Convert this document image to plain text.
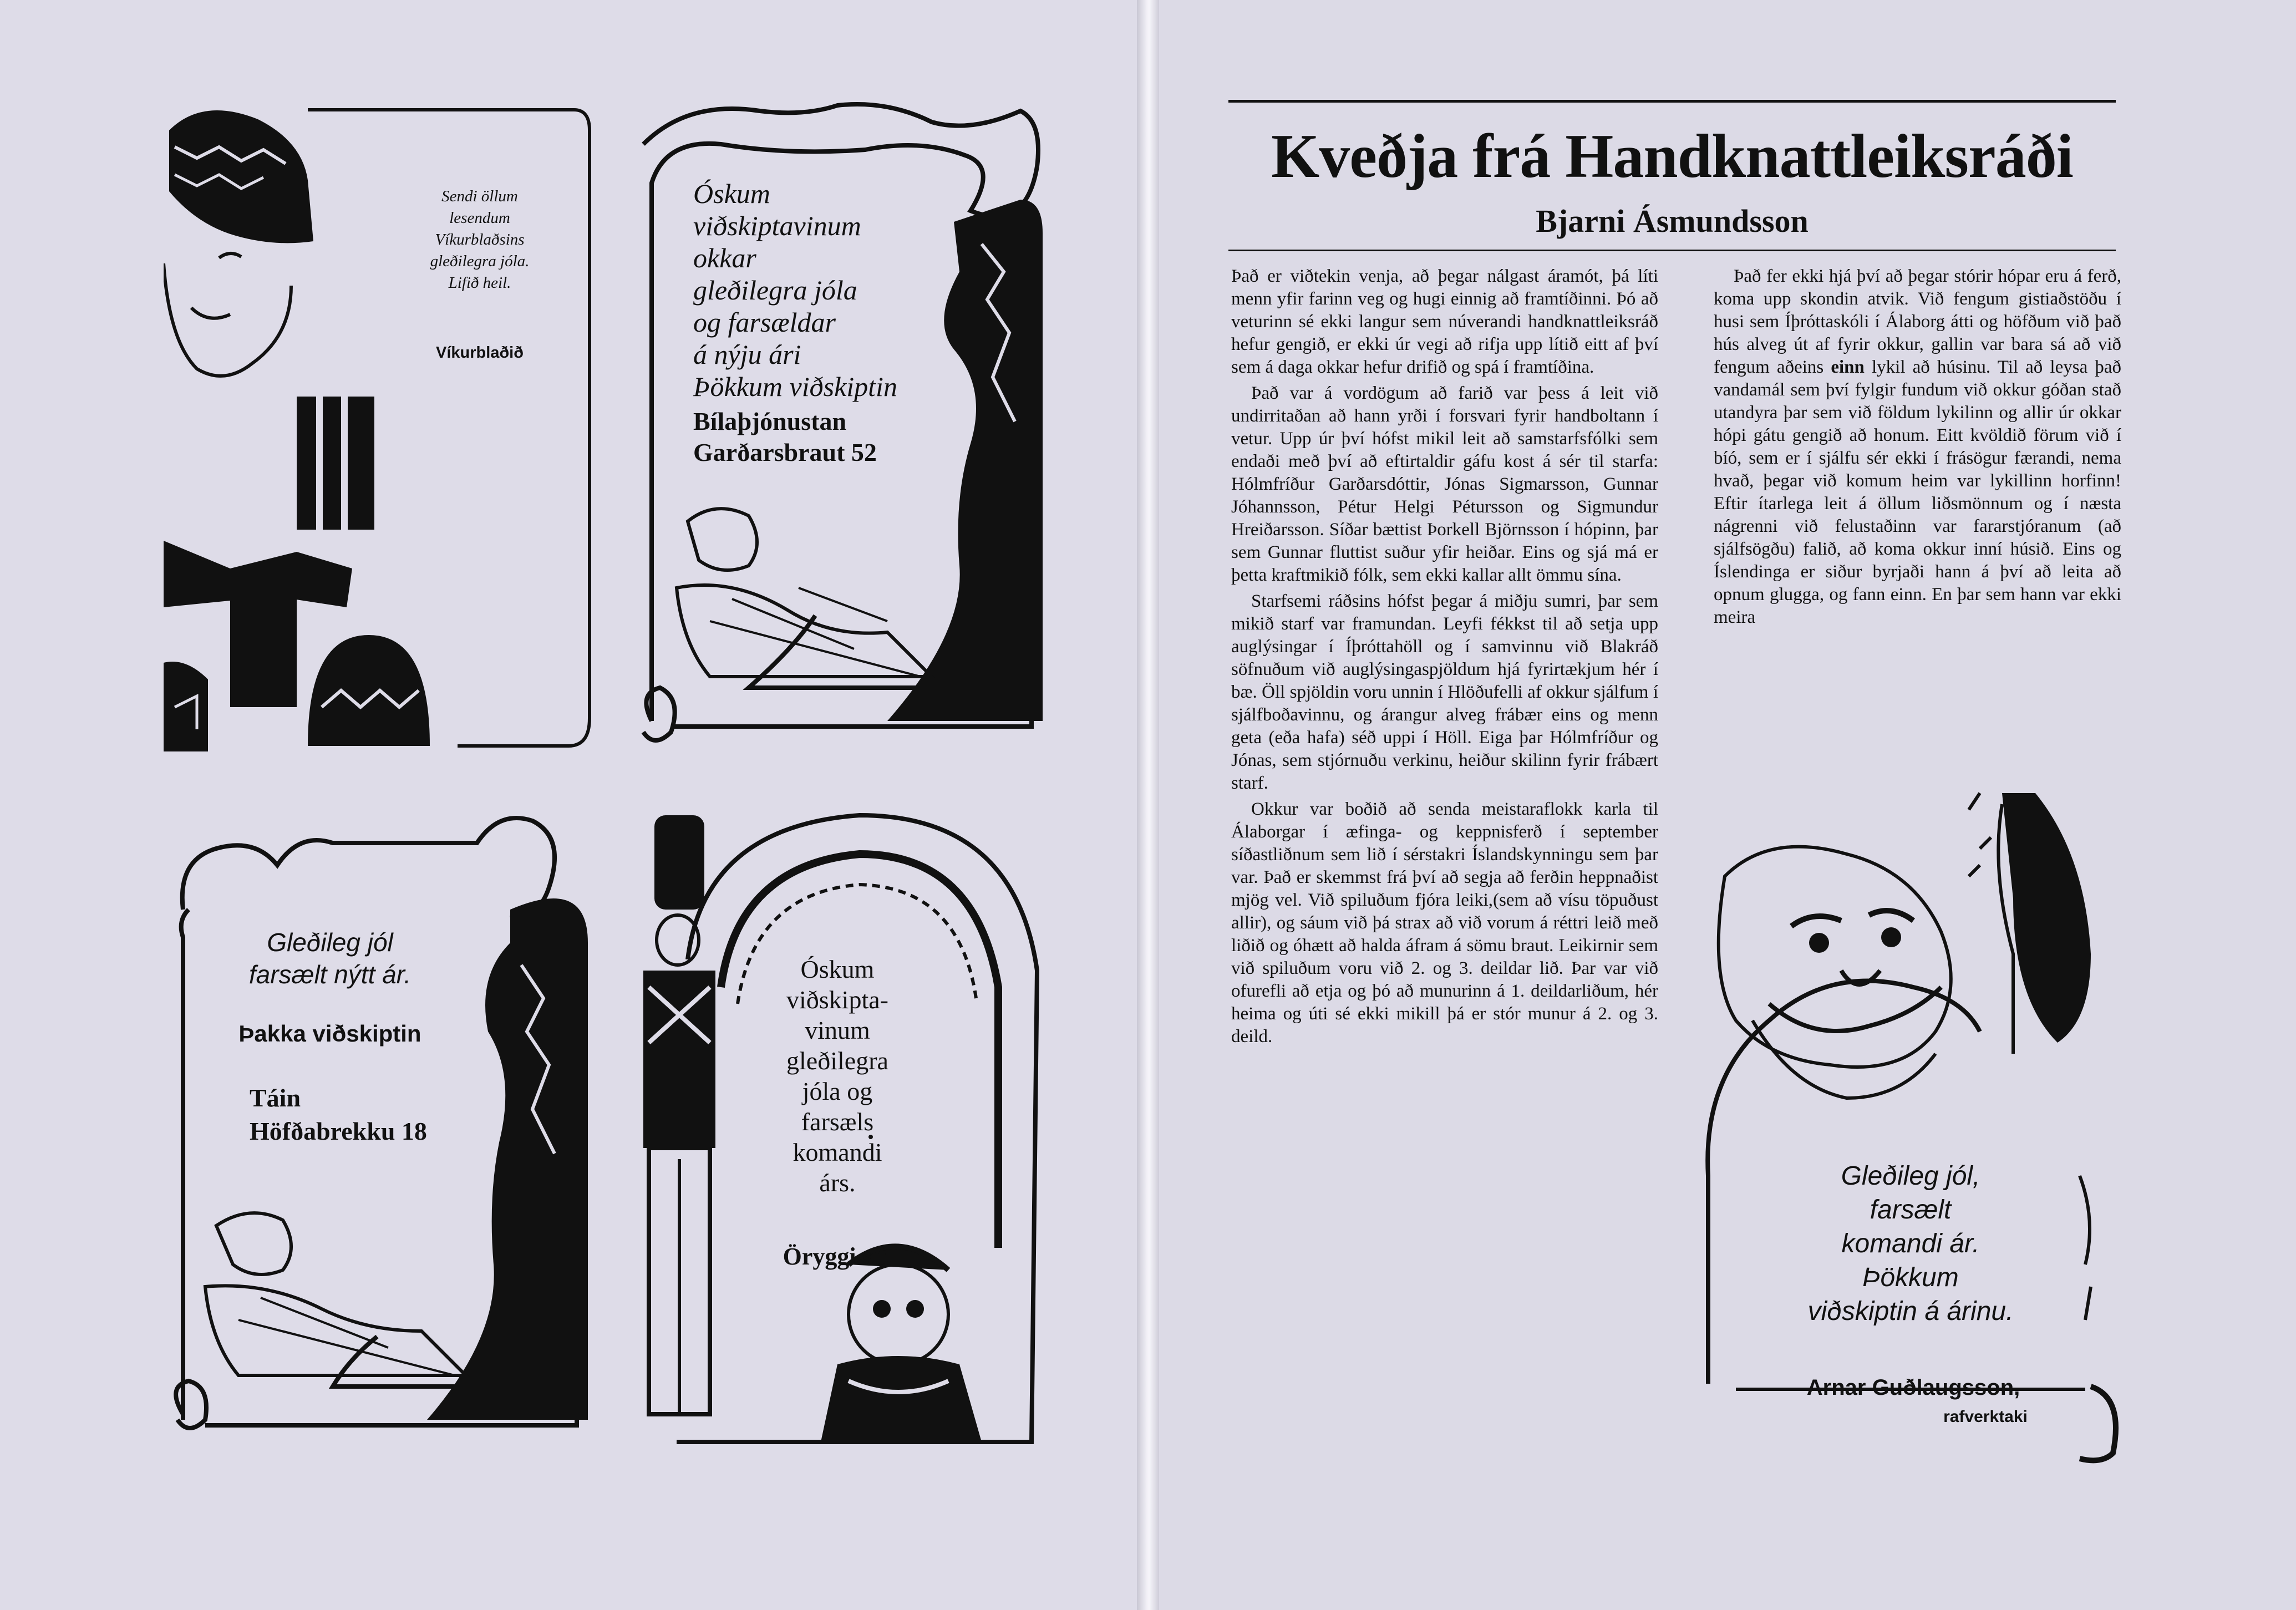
Sendi öllum
lesendum
Víkurblaðsins
gleðilegra jóla.
Lifið heil.
Víkurblaðið
Óskum
viðskiptavinum
okkar
gleðilegra jóla
og farsældar
á nýju ári
Þökkum viðskiptin
Bílaþjónustan
Garðarsbraut 52
Gleðileg jól
farsælt nýtt ár.
Þakka viðskiptin
Táin
Höfðabrekku 18
Óskum
viðskipta-
vinum
gleðilegra
jóla og
farsæls
komandi
árs.
Öryggi s.f.
Kveðja frá Handknattleiksráði
Bjarni Ásmundsson

Það er viðtekin venja, að þegar nálgast áramót, þá líti menn yfir farinn veg og hugi einnig að framtíðinni. Þó að veturinn sé ekki langur sem núverandi handknattleiksráð hefur gengið, er ekki úr vegi að rifja upp lítið eitt af því sem á daga okkar hefur drifið og spá í framtíðina.

Það var á vordögum að farið var þess á leit við undirritaðan að hann yrði í forsvari fyrir handboltann í vetur. Upp úr því hófst mikil leit að samstarfsfólki sem endaði með því að eftirtaldir gáfu kost á sér til starfa: Hólmfríður Garðarsdóttir, Jónas Sigmarsson, Gunnar Jóhannsson, Pétur Helgi Pétursson og Sigmundur Hreiðarsson. Síðar bættist Þorkell Björnsson í hópinn, þar sem Gunnar fluttist suður yfir heiðar. Eins og sjá má er þetta kraftmikið fólk, sem ekki kallar allt ömmu sína.

Starfsemi ráðsins hófst þegar á miðju sumri, þar sem mikið starf var framundan. Leyfi fékkst til að setja upp auglýsingar í Íþróttahöll og í samvinnu við Blakráð söfnuðum við auglýsingaspjöldum hjá fyrirtækjum hér í bæ. Öll spjöldin voru unnin í Hlöðufelli af okkur sjálfum í sjálfboðavinnu, og árangur alveg frábær eins og menn geta (eða hafa) séð uppi í Höll. Eiga þar Hólmfríður og Jónas, sem stjórnuðu verkinu, heiður skilinn fyrir frábært starf.

Okkur var boðið að senda meistaraflokk karla til Álaborgar í æfinga- og keppnisferð í september síðastliðnum sem lið í sérstakri Íslandskynningu sem þar var. Það er skemmst frá því að segja að ferðin heppnaðist mjög vel. Við spiluðum fjóra leiki,(sem að vísu töpuðust allir), og sáum við þá strax að við vorum á réttri leið með liðið og óhætt að halda áfram á sömu braut. Leikirnir sem við spiluðum voru við 2. og 3. deildar lið. Þar var við ofurefli að etja og þó að munurinn á 1. deildarliðum, hér heima og úti sé ekki mikill þá er stór munur á 2. og 3. deild.

Það fer ekki hjá því að þegar stórir hópar eru á ferð, koma upp skondin atvik. Við fengum gistiaðstöðu í husi sem Íþróttaskóli í Álaborg átti og höfðum við það hús alveg út af fyrir okkur, gallin var bara sá að við fengum aðeins einn lykil að húsinu. Til að leysa það vandamál sem því fylgir fundum við okkur góðan stað utandyra þar sem við földum lykilinn og allir úr okkar hópi gátu gengið að honum. Eitt kvöldið förum við í bíó, sem er í sjálfu sér ekki í frásögur færandi, nema hvað, þegar við komum heim var lykillinn horfinn! Eftir ítarlega leit á öllum liðsmönnum og í næsta nágrenni við felustaðinn var fararstjóranum (að sjálfsögðu) falið, að koma okkur inní húsið. Eins og Íslendinga er siður byrjaði hann á því að leita að opnum glugga, og fann einn. En þar sem hann var ekki meira

Gleðileg jól,
farsælt
komandi ár.
Þökkum
viðskiptin á árinu.
Arnar Guðlaugsson,
rafverktaki
